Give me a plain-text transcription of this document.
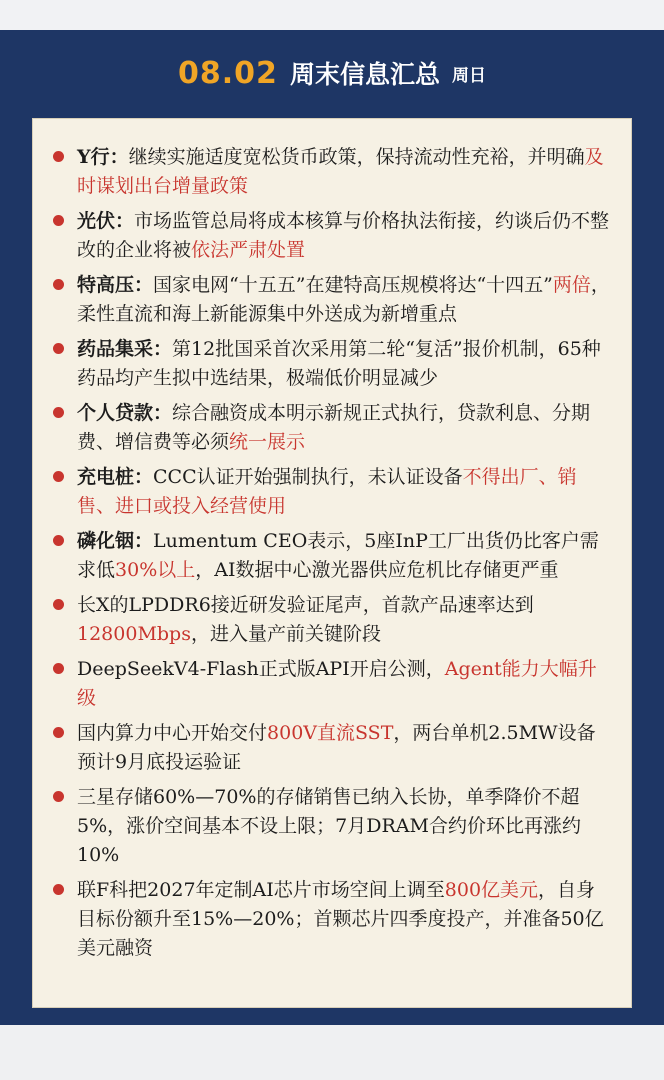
08.02 周末信息汇总 周日
Y行：继续实施适度宽松货币政策，保持流动性充裕，并明确及时谋划出台增量政策
光伏：市场监管总局将成本核算与价格执法衔接，约谈后仍不整改的企业将被依法严肃处置
特高压：国家电网“十五五”在建特高压规模将达“十四五”两倍，柔性直流和海上新能源集中外送成为新增重点
药品集采：第12批国采首次采用第二轮“复活”报价机制，65种药品均产生拟中选结果，极端低价明显减少
个人贷款：综合融资成本明示新规正式执行，贷款利息、分期费、增信费等必须统一展示
充电桩：CCC认证开始强制执行，未认证设备不得出厂、销售、进口或投入经营使用
磷化铟：Lumentum CEO表示，5座InP工厂出货仍比客户需求低30%以上，AI数据中心激光器供应危机比存储更严重
长X的LPDDR6接近研发验证尾声，首款产品速率达到12800Mbps，进入量产前关键阶段
DeepSeekV4-Flash正式版API开启公测，Agent能力大幅升级
国内算力中心开始交付800V直流SST，两台单机2.5MW设备预计9月底投运验证
三星存储60%—70%的存储销售已纳入长协，单季降价不超5%，涨价空间基本不设上限；7月DRAM合约价环比再涨约10%
联F科把2027年定制AI芯片市场空间上调至800亿美元，自身目标份额升至15%—20%；首颗芯片四季度投产，并准备50亿美元融资
